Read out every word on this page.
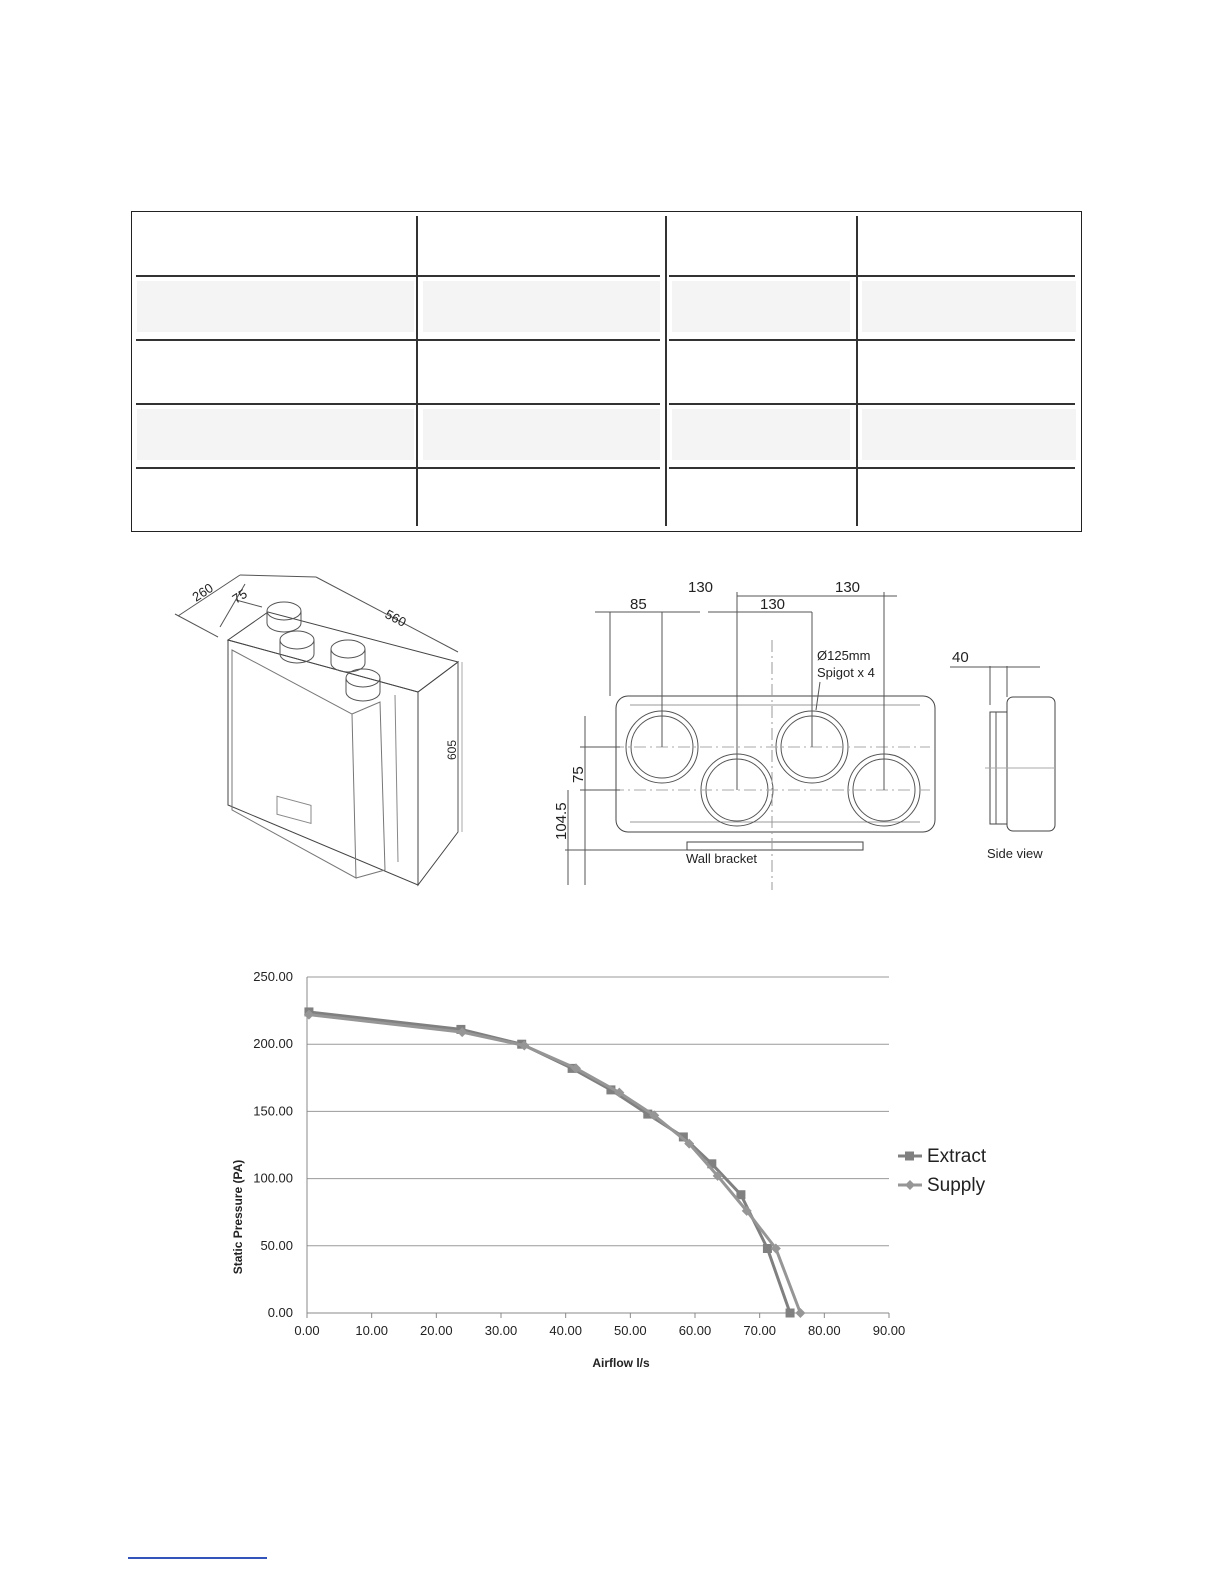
260 75
560
605
85
130
130
130
Ø125mm
Spigot x 4
75
104.5
Wall bracket
40
Side view
0.00
50.00
100.00
150.00
200.00
250.00
0.00	10.00 20.00 30.00 40.00 50.00 60.00 70.00 80.00 90.00
Static Pressure (PA)
Airflow l/s
Extract
Supply
